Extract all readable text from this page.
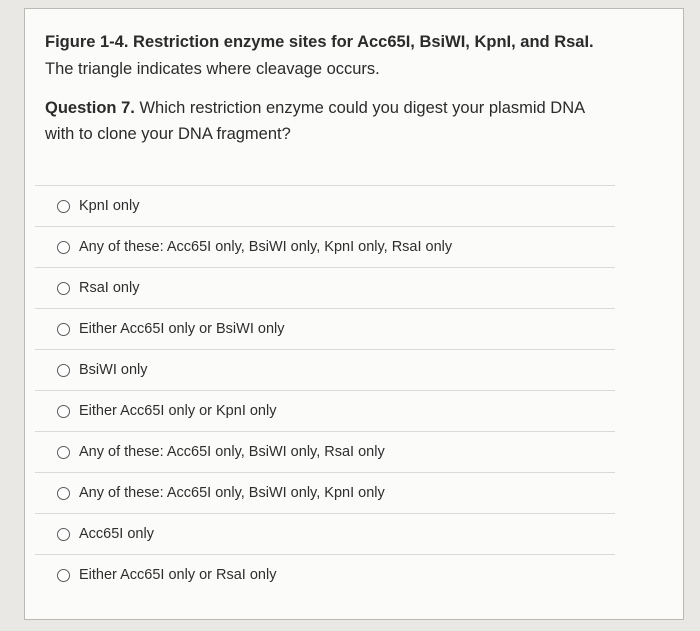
Figure 1-4. Restriction enzyme sites for Acc65I, BsiWI, KpnI, and RsaI. The triangle indicates where cleavage occurs.
Question 7. Which restriction enzyme could you digest your plasmid DNA with to clone your DNA fragment?
KpnI only
Any of these: Acc65I only, BsiWI only, KpnI only, RsaI only
RsaI only
Either Acc65I only or BsiWI only
BsiWI only
Either Acc65I only or KpnI only
Any of these: Acc65I only, BsiWI only, RsaI only
Any of these: Acc65I only, BsiWI only, KpnI only
Acc65I only
Either Acc65I only or RsaI only
